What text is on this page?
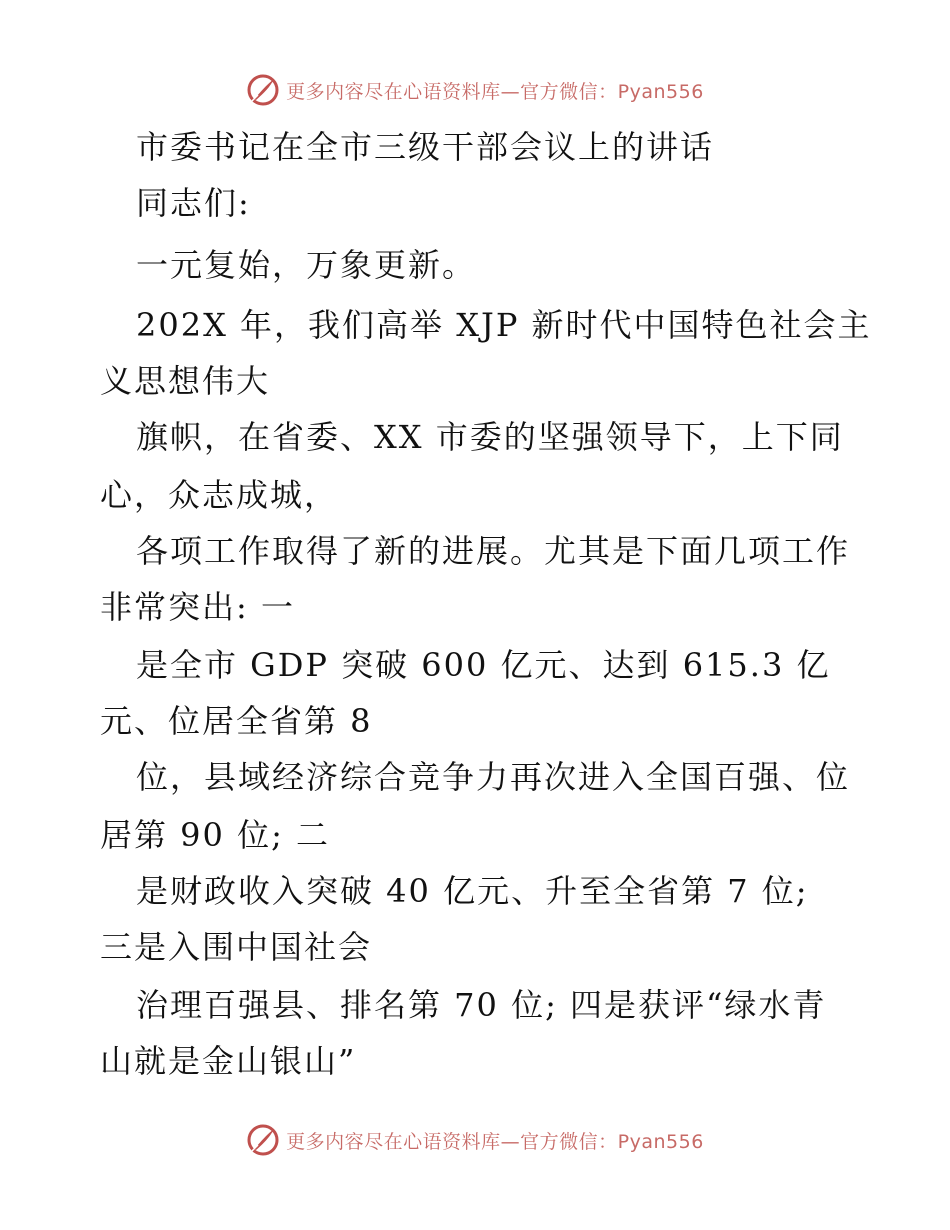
更多内容尽在心语资料库—官方微信：Pyan556
市委书记在全市三级干部会议上的讲话
同志们:
一元复始，万象更新。
202X 年，我们高举 XJP 新时代中国特色社会主
义思想伟大
旗帜，在省委、XX 市委的坚强领导下，上下同
心，众志成城，
各项工作取得了新的进展。尤其是下面几项工作
非常突出: 一
是全市 GDP 突破 600 亿元、达到 615.3 亿
元、位居全省第 8
位，县域经济综合竞争力再次进入全国百强、位
居第 90 位; 二
是财政收入突破 40 亿元、升至全省第 7 位;
三是入围中国社会
治理百强县、排名第 70 位; 四是获评“绿水青
山就是金山银山”
更多内容尽在心语资料库—官方微信：Pyan556
